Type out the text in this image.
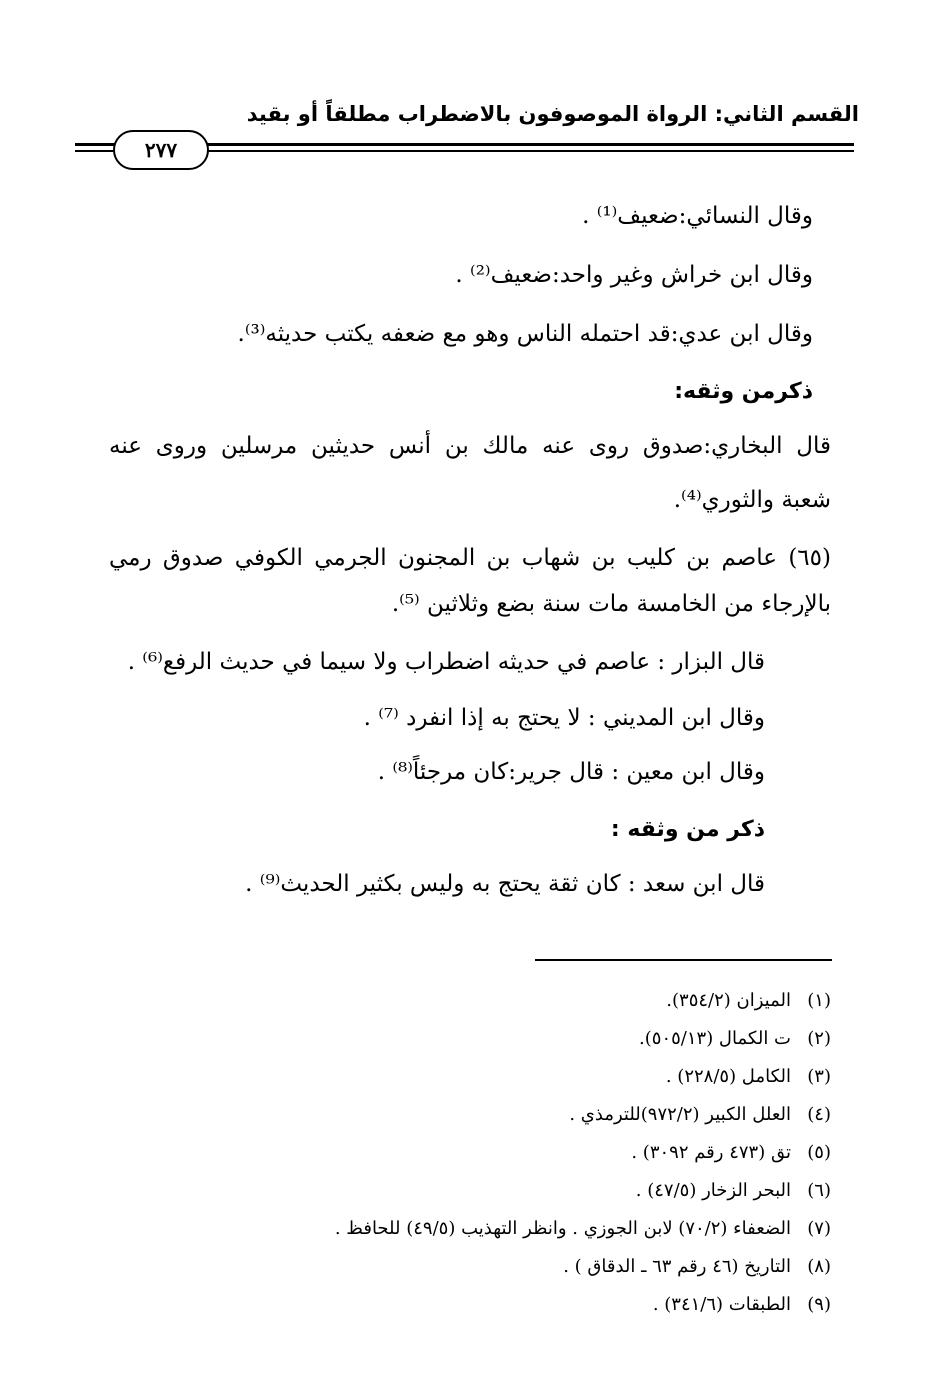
القسم الثاني: الرواة الموصوفون بالاضطراب مطلقاً أو بقيد
٢٧٧
وقال النسائي:ضعيف⁽¹⁾ .
وقال ابن خراش وغير واحد:ضعيف⁽²⁾ .
وقال ابن عدي:قد احتمله الناس وهو مع ضعفه يكتب حديثه⁽³⁾.
ذكرمن وثقه:
قال البخاري:صدوق روى عنه مالك بن أنس حديثين مرسلين وروى عنه
شعبة والثوري⁽⁴⁾.
(٦٥) عاصم بن كليب بن شهاب بن المجنون الجرمي الكوفي صدوق رمي
بالإرجاء من الخامسة مات سنة بضع وثلاثين ⁽⁵⁾.
قال البزار : عاصم في حديثه اضطراب ولا سيما في حديث الرفع⁽⁶⁾ .
وقال ابن المديني : لا يحتج به إذا انفرد ⁽⁷⁾ .
وقال ابن معين : قال جرير:كان مرجئاً⁽⁸⁾ .
ذكر من وثقه :
قال ابن سعد : كان ثقة يحتج به وليس بكثير الحديث⁽⁹⁾ .
(١)الميزان (٣٥٤/٢).
(٢)ت الكمال (٥٠٥/١٣).
(٣)الكامل (٢٢٨/٥) .
(٤)العلل الكبير (٩٧٢/٢)للترمذي .
(٥)تق (٤٧٣ رقم ٣٠٩٢) .
(٦)البحر الزخار (٤٧/٥) .
(٧)الضعفاء (٧٠/٢) لابن الجوزي . وانظر التهذيب (٤٩/٥) للحافظ .
(٨)التاريخ (٤٦ رقم ٦٣ ـ الدقاق ) .
(٩)الطبقات (٣٤١/٦) .
